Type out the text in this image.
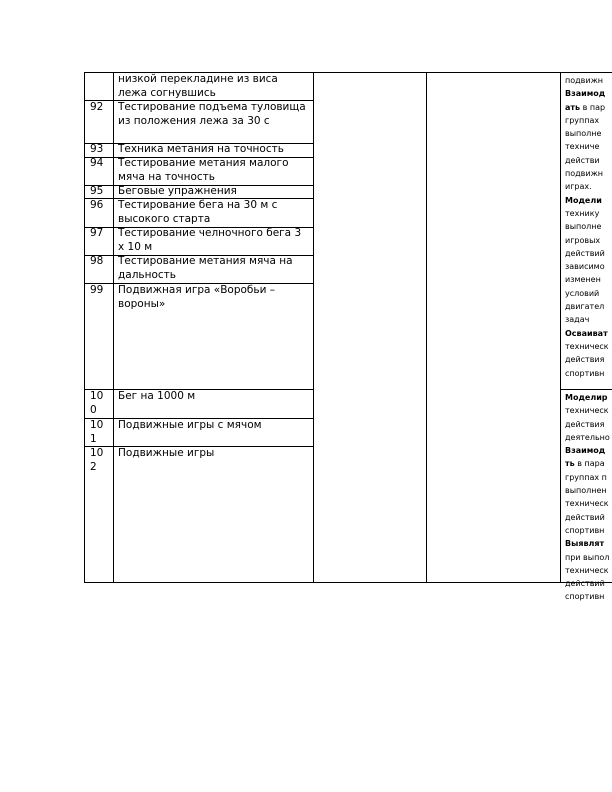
92
93
94
95
96
97
98
99
100
101
102
низкой перекладине из виса лежа согнувшись
Тестирование подъема туловища из положения лежа за 30 с
Техника метания на точность
Тестирование метания малого мяча на точность
Беговые упражнения
Тестирование бега на 30 м с высокого старта
Тестирование челночного бега 3 х 10 м
Тестирование метания мяча на дальность
Подвижная игра «Воробьи – вороны»
Бег на 1000 м
Подвижные игры с мячом
Подвижные игры
подвижн
Взаимод
ать в пар
группах
выполне
техниче
действи
подвижн
играх.
Модели
технику
выполне
игровых
действий
зависимо
изменен
условий
двигател
задач
Осваиват
техническ
действия
спортивн
Моделир
техническ
действия
деятельно
Взаимод
ть в пара
группах п
выполнен
техническ
действий
спортивн
Выявлят
при выпол
техническ
действий
спортивн
